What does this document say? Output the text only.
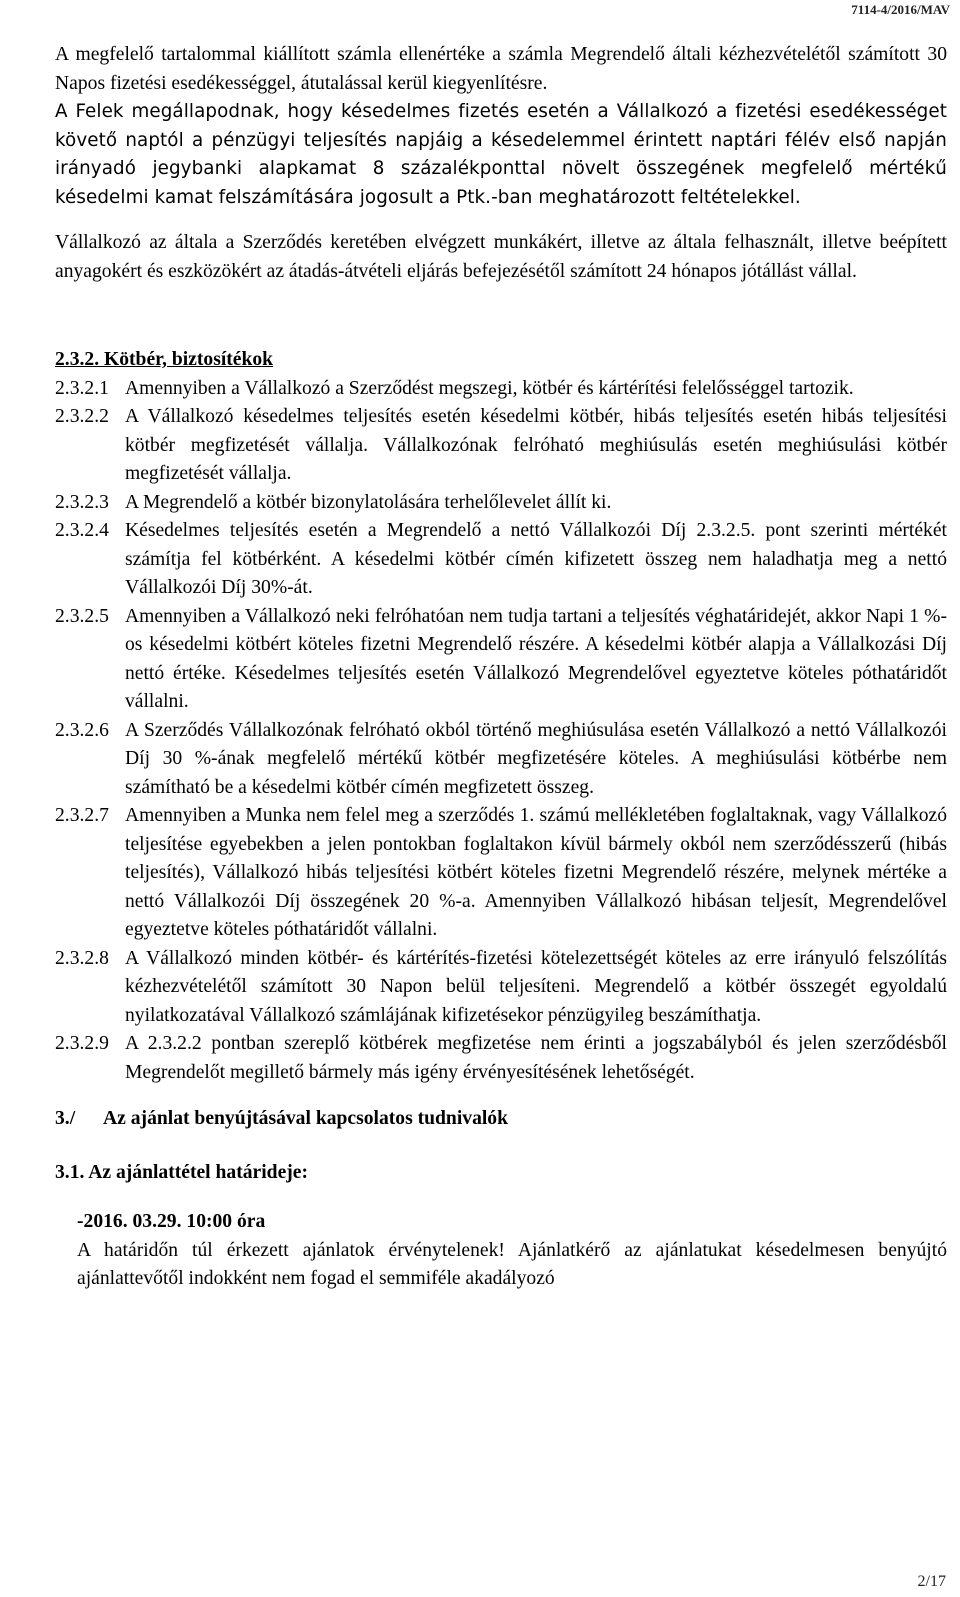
7114-4/2016/MAV

A megfelelő tartalommal kiállított számla ellenértéke a számla Megrendelő általi kézhezvételétől számított 30 Napos fizetési esedékességgel, átutalással kerül kiegyenlítésre.

A Felek megállapodnak, hogy késedelmes fizetés esetén a Vállalkozó a fizetési esedékességet követő naptól a pénzügyi teljesítés napjáig a késedelemmel érintett naptári félév első napján irányadó jegybanki alapkamat 8 százalékponttal növelt összegének megfelelő mértékű késedelmi kamat felszámítására jogosult a Ptk.-ban meghatározott feltételekkel.

Vállalkozó az általa a Szerződés keretében elvégzett munkákért, illetve az általa felhasznált, illetve beépített anyagokért és eszközökért az átadás-átvételi eljárás befejezésétől számított 24 hónapos jótállást vállal.

2.3.2. Kötbér, biztosítékok

2.3.2.1 Amennyiben a Vállalkozó a Szerződést megszegi, kötbér és kártérítési felelősséggel tartozik.
2.3.2.2 A Vállalkozó késedelmes teljesítés esetén késedelmi kötbér, hibás teljesítés esetén hibás teljesítési kötbér megfizetését vállalja. Vállalkozónak felróható meghiúsulás esetén meghiúsulási kötbér megfizetését vállalja.
2.3.2.3 A Megrendelő a kötbér bizonylatolására terhelőlevelet állít ki.
2.3.2.4 Késedelmes teljesítés esetén a Megrendelő a nettó Vállalkozói Díj 2.3.2.5. pont szerinti mértékét számítja fel kötbérként. A késedelmi kötbér címén kifizetett összeg nem haladhatja meg a nettó Vállalkozói Díj 30%-át.
2.3.2.5 Amennyiben a Vállalkozó neki felróhatóan nem tudja tartani a teljesítés véghatáridejét, akkor Napi 1 %-os késedelmi kötbért köteles fizetni Megrendelő részére. A késedelmi kötbér alapja a Vállalkozási Díj nettó értéke. Késedelmes teljesítés esetén Vállalkozó Megrendelővel egyeztetve köteles póthatáridőt vállalni.
2.3.2.6 A Szerződés Vállalkozónak felróható okból történő meghiúsulása esetén Vállalkozó a nettó Vállalkozói Díj 30 %-ának megfelelő mértékű kötbér megfizetésére köteles. A meghiúsulási kötbérbe nem számítható be a késedelmi kötbér címén megfizetett összeg.
2.3.2.7 Amennyiben a Munka nem felel meg a szerződés 1. számú mellékletében foglaltaknak, vagy Vállalkozó teljesítése egyebekben a jelen pontokban foglaltakon kívül bármely okból nem szerződésszerű (hibás teljesítés), Vállalkozó hibás teljesítési kötbért köteles fizetni Megrendelő részére, melynek mértéke a nettó Vállalkozói Díj összegének 20 %-a. Amennyiben Vállalkozó hibásan teljesít, Megrendelővel egyeztetve köteles póthatáridőt vállalni.
2.3.2.8 A Vállalkozó minden kötbér- és kártérítés-fizetési kötelezettségét köteles az erre irányuló felszólítás kézhezvételétől számított 30 Napon belül teljesíteni. Megrendelő a kötbér összegét egyoldalú nyilatkozatával Vállalkozó számlájának kifizetésekor pénzügyileg beszámíthatja.
2.3.2.9 A 2.3.2.2 pontban szereplő kötbérek megfizetése nem érinti a jogszabályból és jelen szerződésből Megrendelőt megillető bármely más igény érvényesítésének lehetőségét.
3./	Az ajánlat benyújtásával kapcsolatos tudnivalók

3.1. Az ajánlattétel határideje:

-2016. 03.29. 10:00 óra

A határidőn túl érkezett ajánlatok érvénytelenek! Ajánlatkérő az ajánlatukat késedelmesen benyújtó ajánlattevőtől indokként nem fogad el semmiféle akadályozó

2/17
